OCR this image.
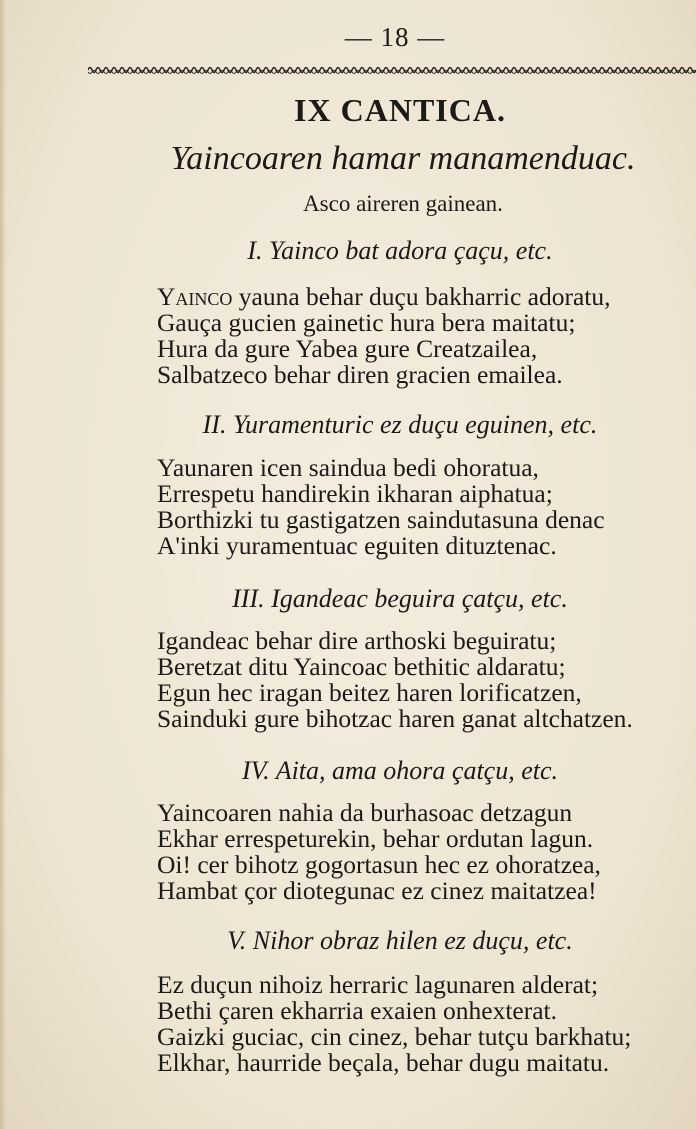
— 18 —
IX CANTICA.
Yaincoaren hamar manamenduac.
Asco aireren gainean.
I. Yainco bat adora çaçu, etc.
Yainco yauna behar duçu bakharric adoratu,
Gauça gucien gainetic hura bera maitatu;
Hura da gure Yabea gure Creatzailea,
Salbatzeco behar diren gracien emailea.
II. Yuramenturic ez duçu eguinen, etc.
Yaunaren icen saindua bedi ohoratua,
Errespetu handirekin ikharan aiphatua;
Borthizki tu gastigatzen saindutasuna denac
A'inki yuramentuac eguiten dituztenac.
III. Igandeac beguira çatçu, etc.
Igandeac behar dire arthoski beguiratu;
Beretzat ditu Yaincoac bethitic aldaratu;
Egun hec iragan beitez haren lorificatzen,
Sainduki gure bihotzac haren ganat altchatzen.
IV. Aita, ama ohora çatçu, etc.
Yaincoaren nahia da burhasoac detzagun
Ekhar errespeturekin, behar ordutan lagun.
Oi! cer bihotz gogortasun hec ez ohoratzea,
Hambat çor diotegunac ez cinez maitatzea!
V. Nihor obraz hilen ez duçu, etc.
Ez duçun nihoiz herraric lagunaren alderat;
Bethi çaren ekharria exaien onhexterat.
Gaizki guciac, cin cinez, behar tutçu barkhatu;
Elkhar, haurride beçala, behar dugu maitatu.
